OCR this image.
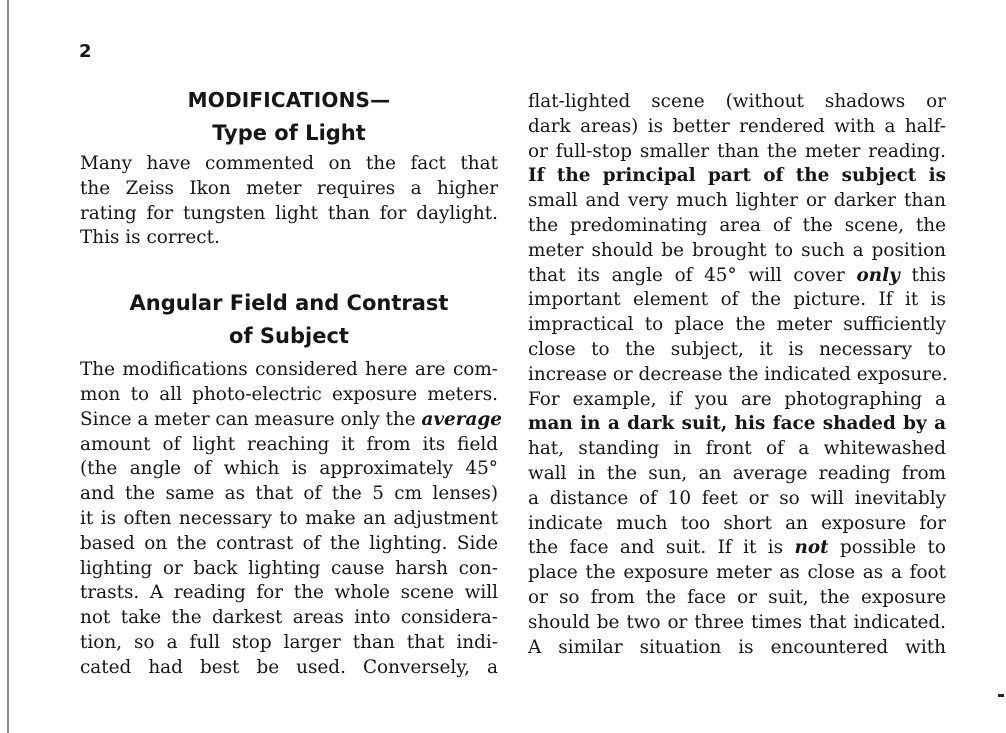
2
MODIFICATIONS—
Type of Light

Many have commented on the fact that
the Zeiss Ikon meter requires a higher
rating for tungsten light than for daylight.
This is correct.

Angular Field and Contrast
of Subject

The modifications considered here are com-
mon to all photo-electric exposure meters.
Since a meter can measure only the average
amount of light reaching it from its field
(the angle of which is approximately 45°
and the same as that of the 5 cm lenses)
it is often necessary to make an adjustment
based on the contrast of the lighting. Side
lighting or back lighting cause harsh con-
trasts. A reading for the whole scene will
not take the darkest areas into considera-
tion, so a full stop larger than that indi-
cated had best be used. Conversely, a

flat-lighted scene (without shadows or
dark areas) is better rendered with a half-
or full-stop smaller than the meter reading.
If the principal part of the subject is
small and very much lighter or darker than
the predominating area of the scene, the
meter should be brought to such a position
that its angle of 45° will cover only this
important element of the picture. If it is
impractical to place the meter sufficiently
close to the subject, it is necessary to
increase or decrease the indicated exposure.
For example, if you are photographing a
man in a dark suit, his face shaded by a
hat, standing in front of a whitewashed
wall in the sun, an average reading from
a distance of 10 feet or so will inevitably
indicate much too short an exposure for
the face and suit. If it is not possible to
place the exposure meter as close as a foot
or so from the face or suit, the exposure
should be two or three times that indicated.
A similar situation is encountered with
